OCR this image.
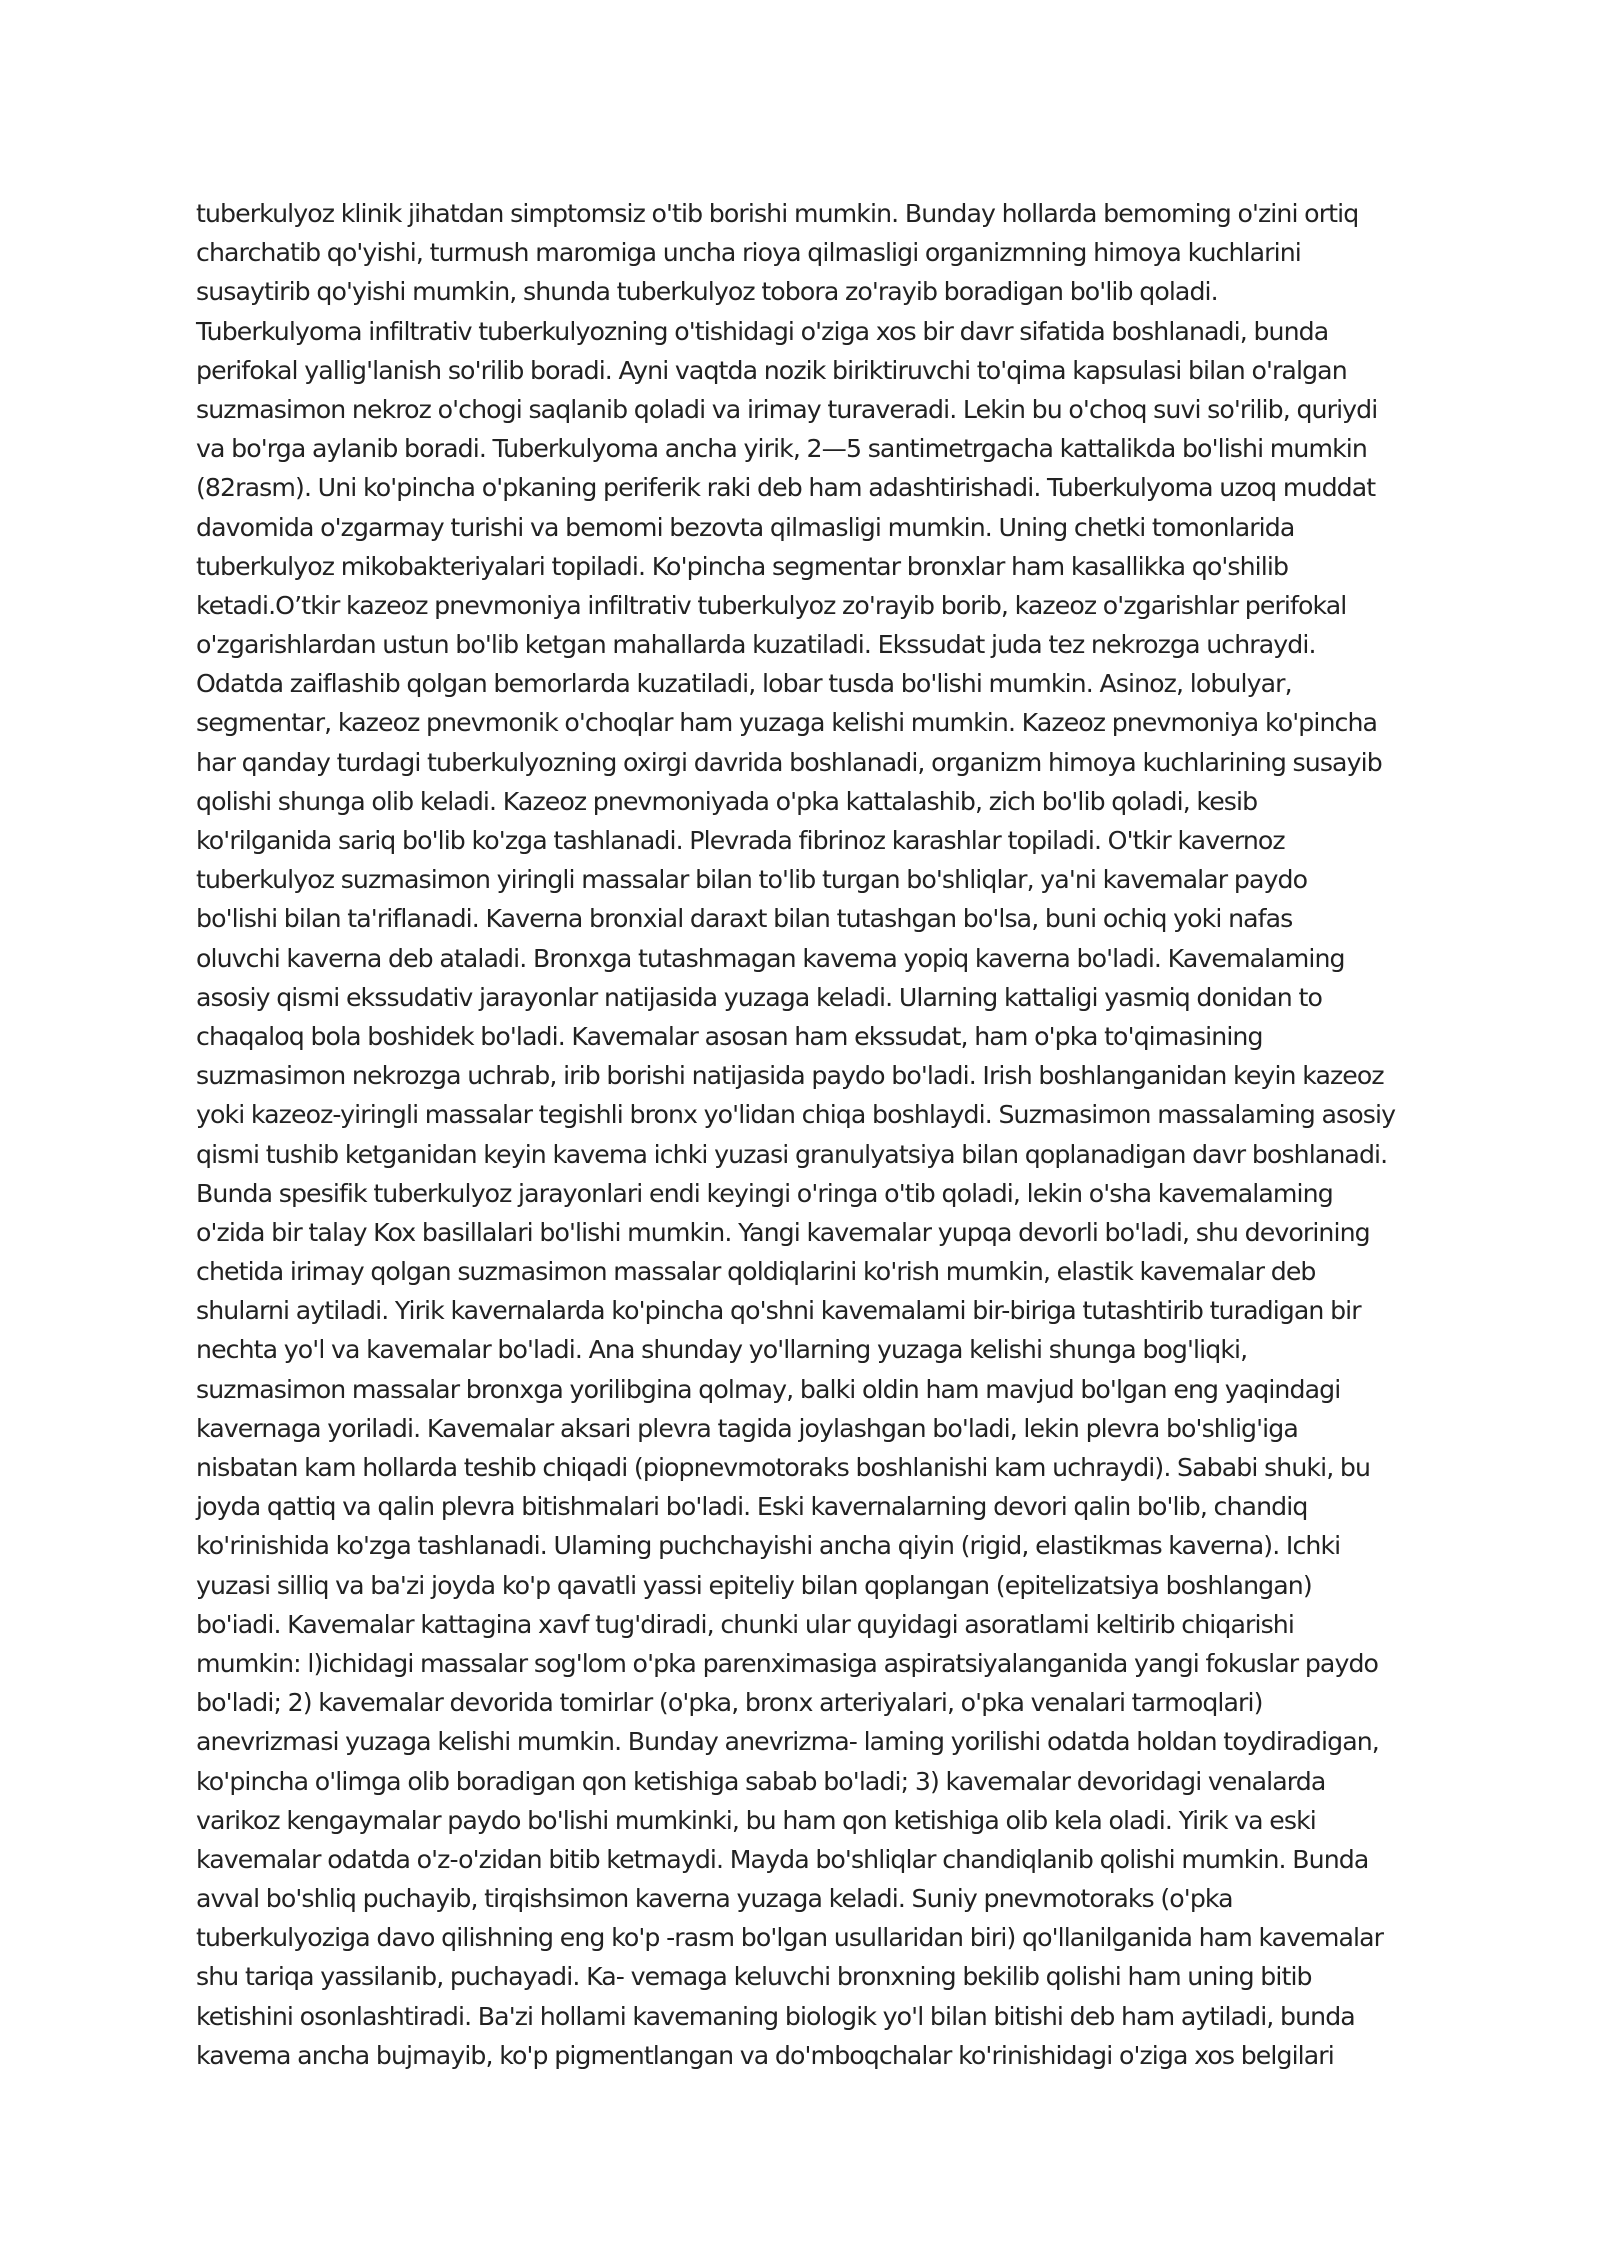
tuberkulyoz klinik jihatdan simptomsiz o'tib borishi mumkin. Bunday hollarda bemoming o'zini ortiq
charchatib qo'yishi, turmush maromiga uncha rioya qilmasligi organizmning himoya kuchlarini
susaytirib qo'yishi mumkin, shunda tuberkulyoz tobora zo'rayib boradigan bo'lib qoladi.
Tuberkulyoma infiltrativ tuberkulyozning o'tishidagi o'ziga xos bir davr sifatida boshlanadi, bunda
perifokal yallig'lanish so'rilib boradi. Ayni vaqtda nozik biriktiruvchi to'qima kapsulasi bilan o'ralgan
suzmasimon nekroz o'chogi saqlanib qoladi va irimay turaveradi. Lekin bu o'choq suvi so'rilib, quriydi
va bo'rga aylanib boradi. Tuberkulyoma ancha yirik, 2—5 santimetrgacha kattalikda bo'lishi mumkin
(82rasm). Uni ko'pincha o'pkaning periferik raki deb ham adashtirishadi. Tuberkulyoma uzoq muddat
davomida o'zgarmay turishi va bemomi bezovta qilmasligi mumkin. Uning chetki tomonlarida
tuberkulyoz mikobakteriyalari topiladi. Ko'pincha segmentar bronxlar ham kasallikka qo'shilib
ketadi.O’tkir kazeoz pnevmoniya infiltrativ tuberkulyoz zo'rayib borib, kazeoz o'zgarishlar perifokal
o'zgarishlardan ustun bo'lib ketgan mahallarda kuzatiladi. Ekssudat juda tez nekrozga uchraydi.
Odatda zaiflashib qolgan bemorlarda kuzatiladi, lobar tusda bo'lishi mumkin. Asinoz, lobulyar,
segmentar, kazeoz pnevmonik o'choqlar ham yuzaga kelishi mumkin. Kazeoz pnevmoniya ko'pincha
har qanday turdagi tuberkulyozning oxirgi davrida boshlanadi, organizm himoya kuchlarining susayib
qolishi shunga olib keladi. Kazeoz pnevmoniyada o'pka kattalashib, zich bo'lib qoladi, kesib
ko'rilganida sariq bo'lib ko'zga tashlanadi. Plevrada fibrinoz karashlar topiladi. O'tkir kavernoz
tuberkulyoz suzmasimon yiringli massalar bilan to'lib turgan bo'shliqlar, ya'ni kavemalar paydo
bo'lishi bilan ta'riflanadi. Kaverna bronxial daraxt bilan tutashgan bo'lsa, buni ochiq yoki nafas
oluvchi kaverna deb ataladi. Bronxga tutashmagan kavema yopiq kaverna bo'ladi. Kavemalaming
asosiy qismi ekssudativ jarayonlar natijasida yuzaga keladi. Ularning kattaligi yasmiq donidan to
chaqaloq bola boshidek bo'ladi. Kavemalar asosan ham ekssudat, ham o'pka to'qimasining
suzmasimon nekrozga uchrab, irib borishi natijasida paydo bo'ladi. Irish boshlanganidan keyin kazeoz
yoki kazeoz-yiringli massalar tegishli bronx yo'lidan chiqa boshlaydi. Suzmasimon massalaming asosiy
qismi tushib ketganidan keyin kavema ichki yuzasi granulyatsiya bilan qoplanadigan davr boshlanadi.
Bunda spesifik tuberkulyoz jarayonlari endi keyingi o'ringa o'tib qoladi, lekin o'sha kavemalaming
o'zida bir talay Kox basillalari bo'lishi mumkin. Yangi kavemalar yupqa devorli bo'ladi, shu devorining
chetida irimay qolgan suzmasimon massalar qoldiqlarini ko'rish mumkin, elastik kavemalar deb
shularni aytiladi. Yirik kavernalarda ko'pincha qo'shni kavemalami bir-biriga tutashtirib turadigan bir
nechta yo'l va kavemalar bo'ladi. Ana shunday yo'llarning yuzaga kelishi shunga bog'liqki,
suzmasimon massalar bronxga yorilibgina qolmay, balki oldin ham mavjud bo'lgan eng yaqindagi
kavernaga yoriladi. Kavemalar aksari plevra tagida joylashgan bo'ladi, lekin plevra bo'shlig'iga
nisbatan kam hollarda teshib chiqadi (piopnevmotoraks boshlanishi kam uchraydi). Sababi shuki, bu
joyda qattiq va qalin plevra bitishmalari bo'ladi. Eski kavernalarning devori qalin bo'lib, chandiq
ko'rinishida ko'zga tashlanadi. Ulaming puchchayishi ancha qiyin (rigid, elastikmas kaverna). Ichki
yuzasi silliq va ba'zi joyda ko'p qavatli yassi epiteliy bilan qoplangan (epitelizatsiya boshlangan)
bo'iadi. Kavemalar kattagina xavf tug'diradi, chunki ular quyidagi asoratlami keltirib chiqarishi
mumkin: l)ichidagi massalar sog'lom o'pka parenximasiga aspiratsiyalanganida yangi fokuslar paydo
bo'ladi; 2) kavemalar devorida tomirlar (o'pka, bronx arteriyalari, o'pka venalari tarmoqlari)
anevrizmasi yuzaga kelishi mumkin. Bunday anevrizma- laming yorilishi odatda holdan toydiradigan,
ko'pincha o'limga olib boradigan qon ketishiga sabab bo'ladi; 3) kavemalar devoridagi venalarda
varikoz kengaymalar paydo bo'lishi mumkinki, bu ham qon ketishiga olib kela oladi. Yirik va eski
kavemalar odatda o'z-o'zidan bitib ketmaydi. Mayda bo'shliqlar chandiqlanib qolishi mumkin. Bunda
avval bo'shliq puchayib, tirqishsimon kaverna yuzaga keladi. Suniy pnevmotoraks (o'pka
tuberkulyoziga davo qilishning eng ko'p -rasm bo'lgan usullaridan biri) qo'llanilganida ham kavemalar
shu tariqa yassilanib, puchayadi. Ka- vemaga keluvchi bronxning bekilib qolishi ham uning bitib
ketishini osonlashtiradi. Ba'zi hollami kavemaning biologik yo'l bilan bitishi deb ham aytiladi, bunda
kavema ancha bujmayib, ko'p pigmentlangan va do'mboqchalar ko'rinishidagi o'ziga xos belgilari
